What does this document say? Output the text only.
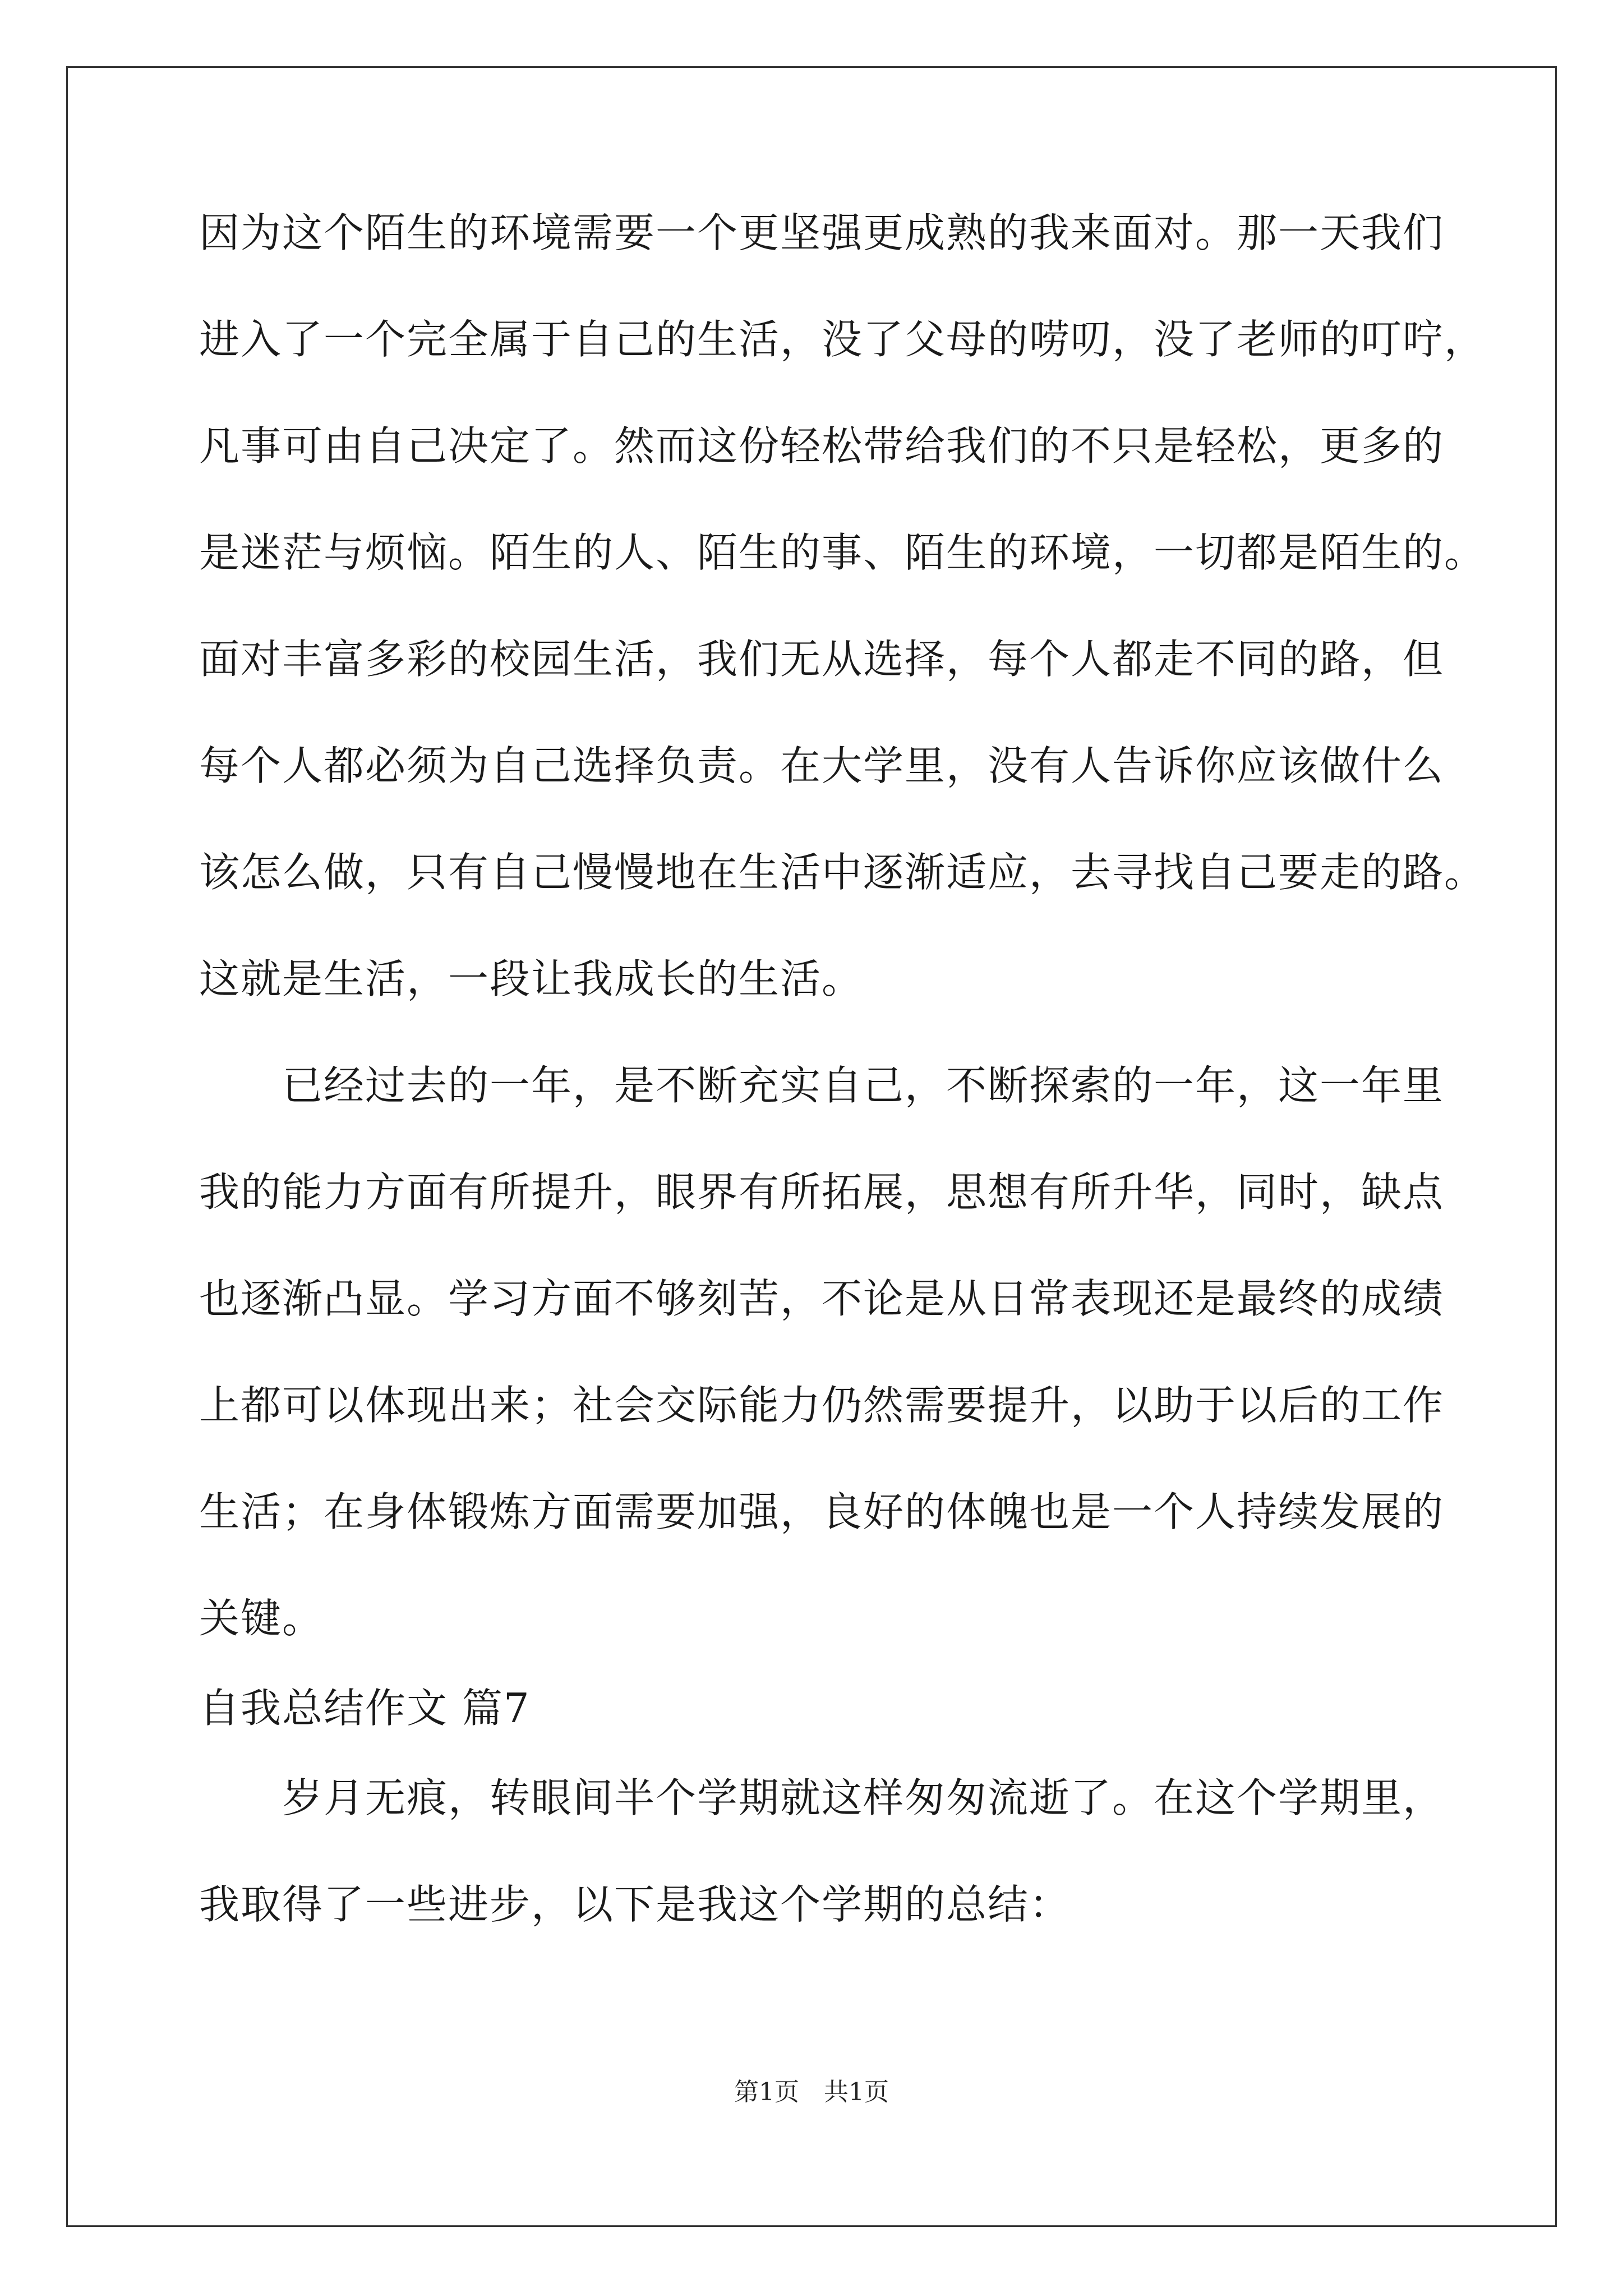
因为这个陌生的环境需要一个更坚强更成熟的我来面对。那一天我们
进入了一个完全属于自己的生活，没了父母的唠叨，没了老师的叮咛，
凡事可由自己决定了。然而这份轻松带给我们的不只是轻松，更多的
是迷茫与烦恼。陌生的人、陌生的事、陌生的环境，一切都是陌生的。
面对丰富多彩的校园生活，我们无从选择，每个人都走不同的路，但
每个人都必须为自己选择负责。在大学里，没有人告诉你应该做什么
该怎么做，只有自己慢慢地在生活中逐渐适应，去寻找自己要走的路。
这就是生活，一段让我成长的生活。
　　已经过去的一年，是不断充实自己，不断探索的一年，这一年里
我的能力方面有所提升，眼界有所拓展，思想有所升华，同时，缺点
也逐渐凸显。学习方面不够刻苦，不论是从日常表现还是最终的成绩
上都可以体现出来；社会交际能力仍然需要提升，以助于以后的工作
生活；在身体锻炼方面需要加强，良好的体魄也是一个人持续发展的
关键。
自我总结作文 篇7
　　岁月无痕，转眼间半个学期就这样匆匆流逝了。在这个学期里，
我取得了一些进步，以下是我这个学期的总结：
第1页　共1页
